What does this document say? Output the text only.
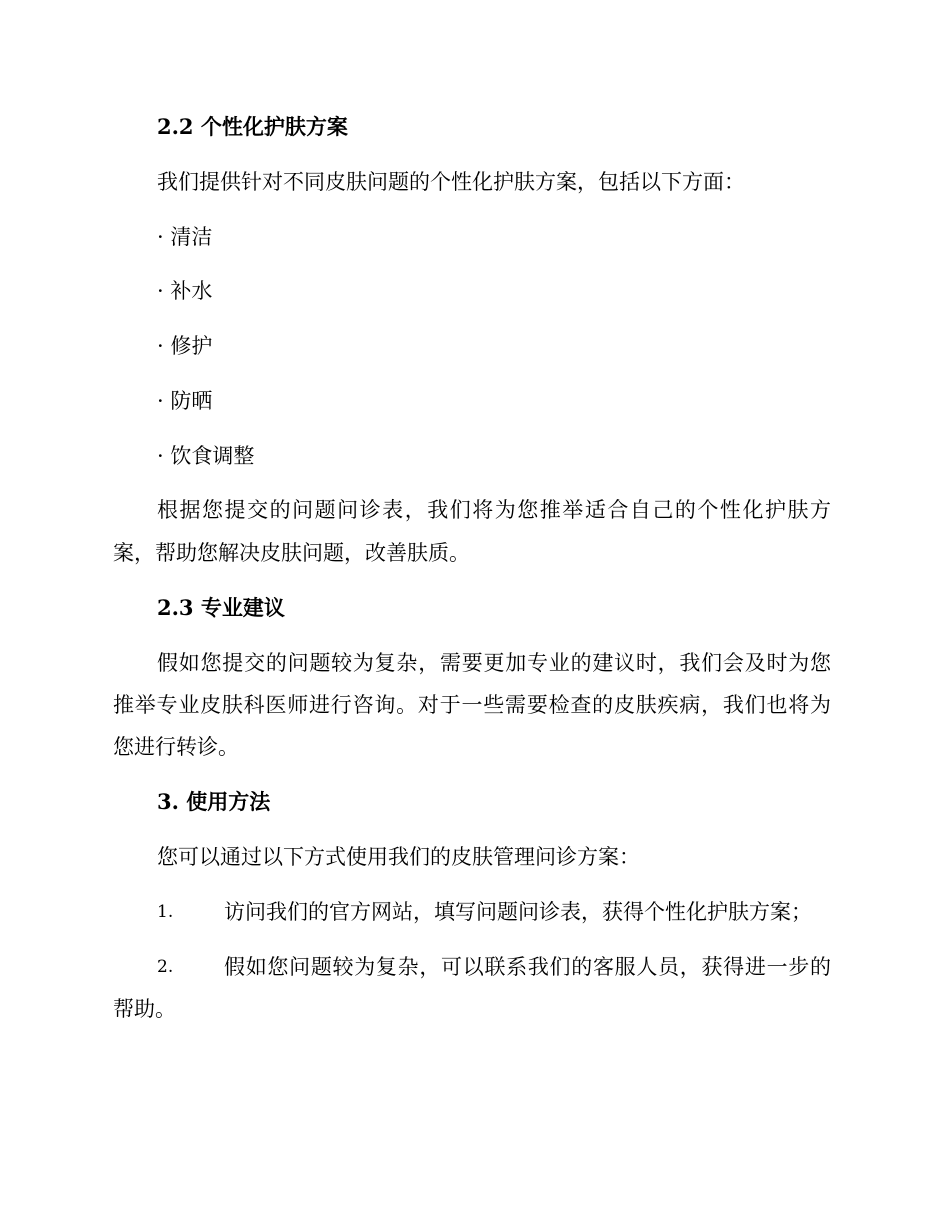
2.2 个性化护肤方案

我们提供针对不同皮肤问题的个性化护肤方案，包括以下方面：

· 清洁

· 补水

· 修护

· 防晒

· 饮食调整

根据您提交的问题问诊表，我们将为您推举适合自己的个性化护肤方

案，帮助您解决皮肤问题，改善肤质。

2.3 专业建议

假如您提交的问题较为复杂，需要更加专业的建议时，我们会及时为您

推举专业皮肤科医师进行咨询。对于一些需要检查的皮肤疾病，我们也将为

您进行转诊。

3. 使用方法

您可以通过以下方式使用我们的皮肤管理问诊方案：

1. 访问我们的官方网站，填写问题问诊表，获得个性化护肤方案；

2. 假如您问题较为复杂，可以联系我们的客服人员，获得进一步的

帮助。
